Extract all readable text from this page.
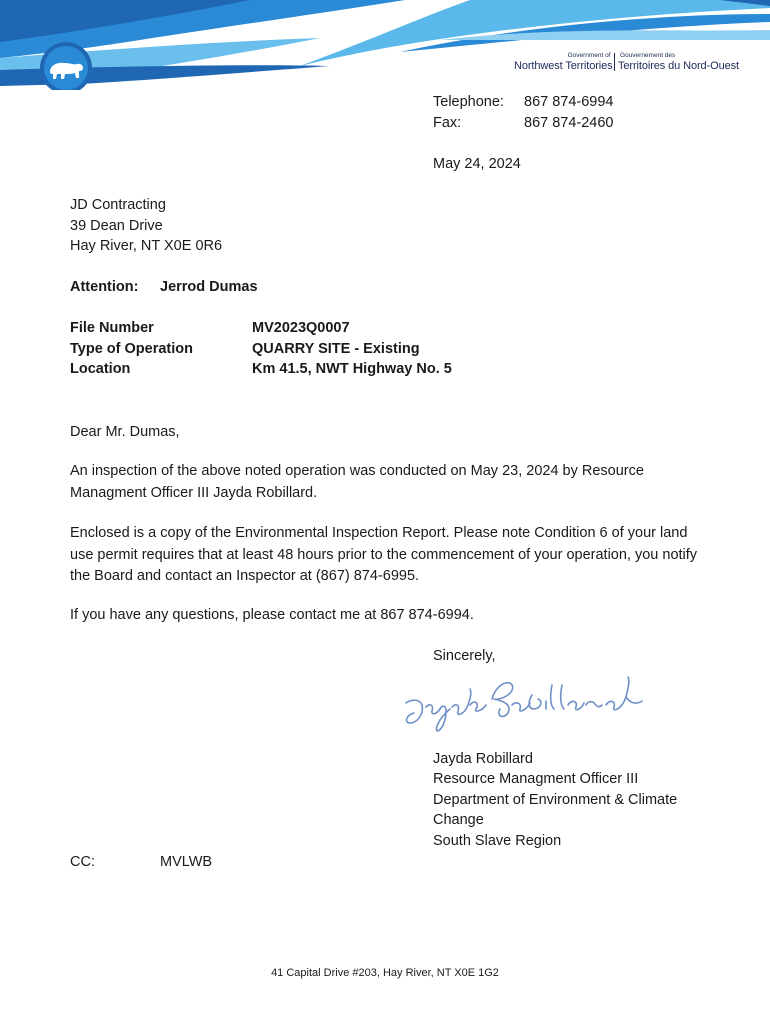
Government of
Northwest Territories
Gouvernement des
Territoires du Nord-Ouest
Telephone: 867 874-6994
Fax:	867 874-2460
May 24, 2024
JD Contracting
39 Dean Drive
Hay River, NT X0E 0R6
Attention: Jerrod Dumas
File Number	MV2023Q0007
Type of Operation	QUARRY SITE - Existing
Location	Km 41.5, NWT Highway No. 5
Dear Mr. Dumas,
An inspection of the above noted operation was conducted on May 23, 2024 by Resource Managment Officer III Jayda Robillard.
Enclosed is a copy of the Environmental Inspection Report. Please note Condition 6 of your land use permit requires that at least 48 hours prior to the commencement of your operation, you notify the Board and contact an Inspector at (867) 874-6995.
If you have any questions, please contact me at 867 874-6994.
Sincerely,
Jayda Robillard
Resource Managment Officer III
Department of Environment & Climate
Change
South Slave Region
CC:	MVLWB
41 Capital Drive #203, Hay River, NT X0E 1G2
